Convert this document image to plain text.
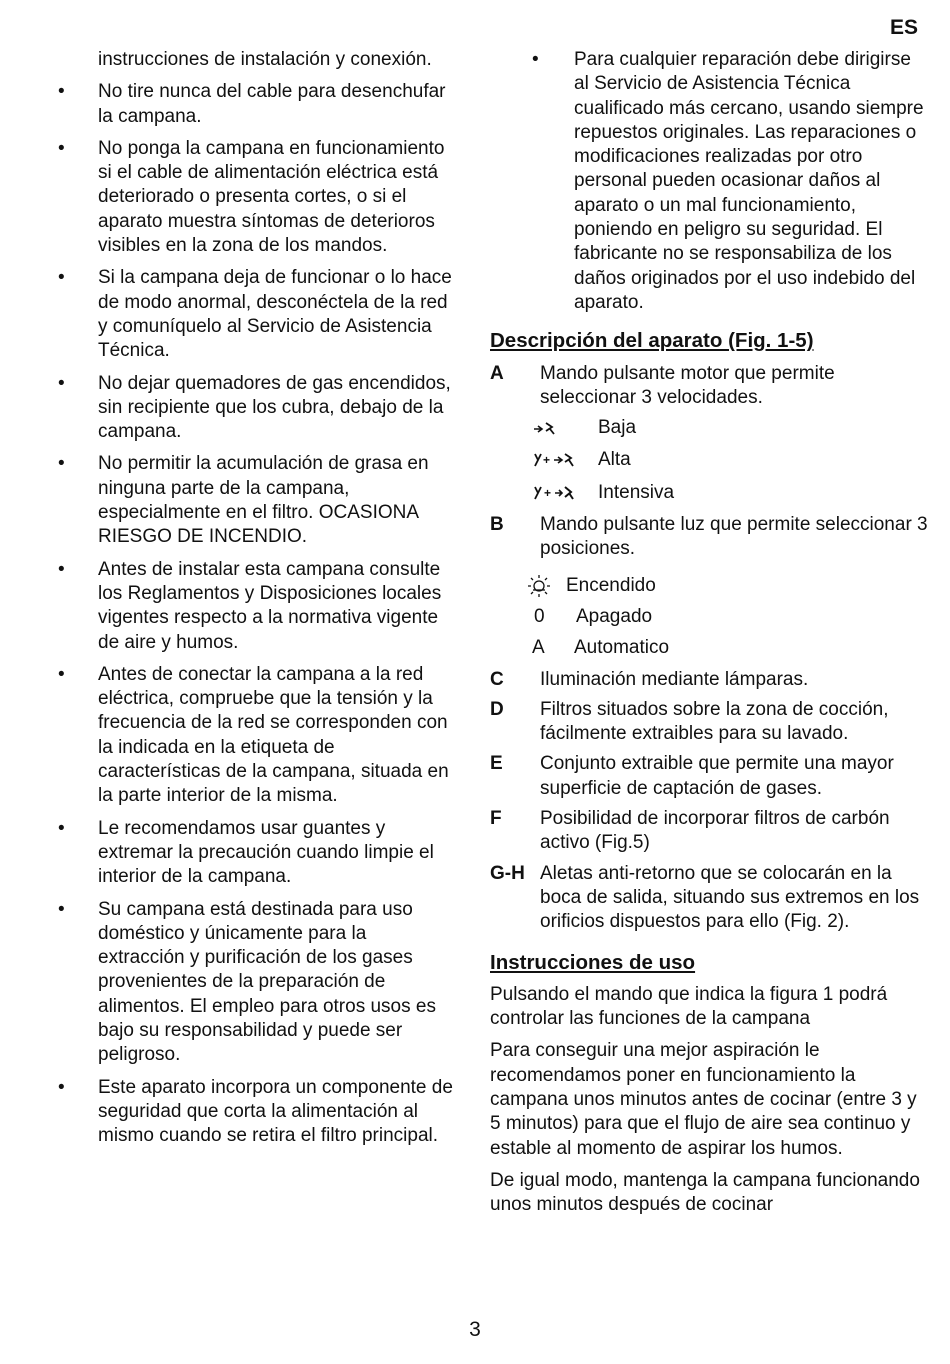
ES
instrucciones de instalación y conexión.
• No tire nunca del cable para desenchufar la campana.
• No ponga la campana en funcionamiento si el cable de alimentación eléctrica está deteriorado o presenta cortes, o si el aparato muestra síntomas de deterioros visibles en la zona de los mandos.
• Si la campana deja de funcionar o lo hace de modo anormal, desconéctela de la red y comuníquelo al Servicio de Asistencia Técnica.
• No dejar quemadores de gas encendidos, sin recipiente que los cubra, debajo de la campana.
• No permitir la acumulación de grasa en ninguna parte de la campana, especialmente en el filtro. OCASIONA RIESGO DE INCENDIO.
• Antes de instalar esta campana consulte los Reglamentos y Disposiciones locales vigentes respecto a la normativa vigente de aire y humos.
• Antes de conectar la campana a la red eléctrica, compruebe que la tensión y la frecuencia de la red se corresponden con la indicada en la etiqueta de características de la campana, situada en la parte interior de la misma.
• Le recomendamos usar guantes y extremar la precaución cuando limpie el interior de la campana.
• Su campana está destinada para uso doméstico y únicamente para la extracción y purificación de los gases provenientes de la preparación de alimentos. El empleo para otros usos es bajo su responsabilidad y puede ser peligroso.
• Este aparato incorpora un componente de seguridad que corta la alimentación al mismo cuando se retira el filtro principal.
• Para cualquier reparación debe dirigirse al Servicio de Asistencia Técnica cualificado más cercano, usando siempre repuestos originales. Las reparaciones o modificaciones realizadas por otro personal pueden ocasionar daños al aparato o un mal funcionamiento, poniendo en peligro su seguridad. El fabricante no se responsabiliza de los daños originados por el uso indebido del aparato.
Descripción del aparato (Fig. 1-5)
A	Mando pulsante motor que permite seleccionar 3 velocidades.
Baja
+	Alta
+ Intensiva
B	Mando pulsante luz que permite seleccionar 3 posiciones.
Encendido
0	Apagado
A	Automatico
C	Iluminación mediante lámparas.
D	Filtros situados sobre la zona de cocción, fácilmente extraibles para su lavado.
E	Conjunto extraible que permite una mayor superficie de captación de gases.
F	Posibilidad de incorporar filtros de carbón activo (Fig.5)
G-H Aletas anti-retorno que se colocarán en la boca de salida, situando sus extremos en los orificios dispuestos para ello (Fig. 2).
Instrucciones de uso
Pulsando el mando que indica la figura 1 podrá controlar las funciones de la campana
Para conseguir una mejor aspiración le recomendamos poner en funcionamiento la campana unos minutos antes de cocinar (entre 3 y 5 minutos) para que el flujo de aire sea continuo y estable al momento de aspirar los humos.
De igual modo, mantenga la campana funcionando unos minutos después de cocinar
3
